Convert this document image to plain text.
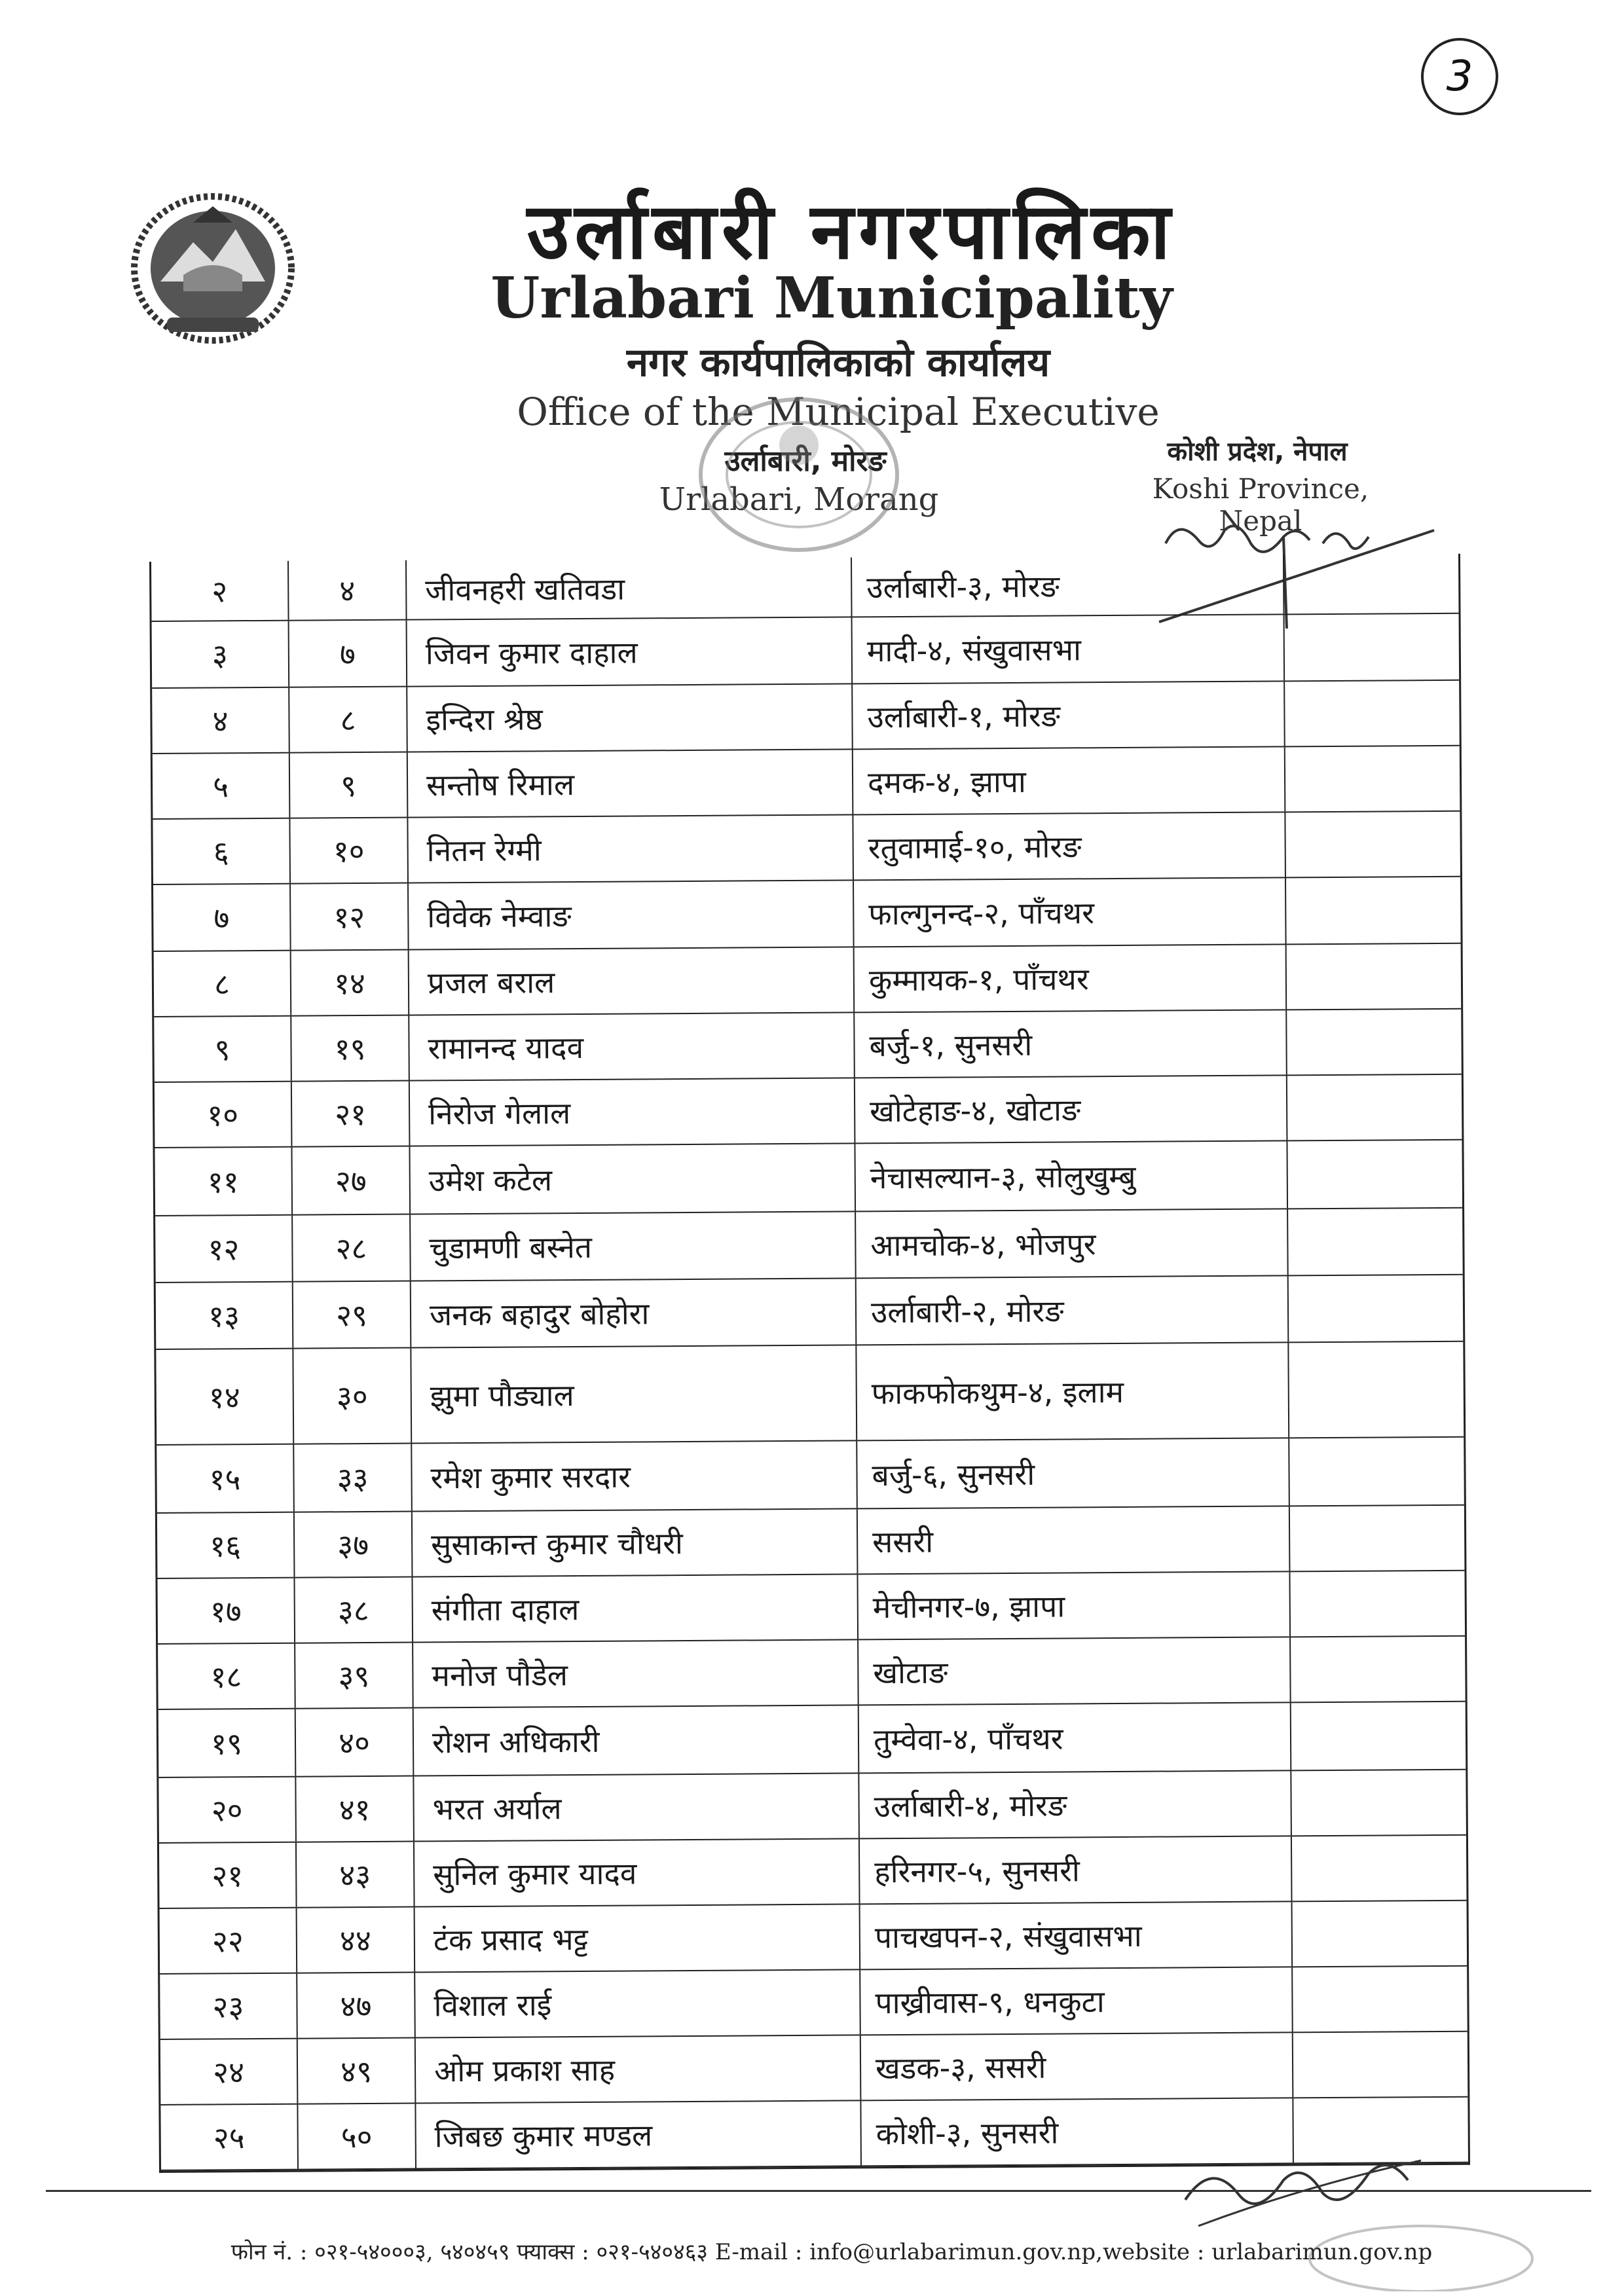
3
उर्लाबारी नगरपालिका
Urlabari Municipality
नगर कार्यपालिकाको कार्यालय
Office of the Municipal Executive
उर्लाबारी, मोरङ
Urlabari, Morang
कोशी प्रदेश, नेपाल
Koshi Province, Nepal
२	४	जीवनहरी खतिवडा	उर्लाबारी-३, मोरङ
३	७	जिवन कुमार दाहाल	मादी-४, संखुवासभा
४	८	इन्दिरा श्रेष्ठ	उर्लाबारी-१, मोरङ
५	९	सन्तोष रिमाल	दमक-४, झापा
६	१०	नितन रेग्मी	रतुवामाई-१०, मोरङ
७	१२	विवेक नेम्वाङ	फाल्गुनन्द-२, पाँचथर
८	१४	प्रजल बराल	कुम्मायक-१, पाँचथर
९	१९	रामानन्द यादव	बर्जु-१, सुनसरी
१०	२१	निरोज गेलाल	खोटेहाङ-४, खोटाङ
११	२७	उमेश कटेल	नेचासल्यान-३, सोलुखुम्बु
१२	२८	चुडामणी बस्नेत	आमचोक-४, भोजपुर
१३	२९	जनक बहादुर बोहोरा	उर्लाबारी-२, मोरङ
१४	३०	झुमा पौड्याल	फाकफोकथुम-४, इलाम
१५	३३	रमेश कुमार सरदार	बर्जु-६, सुनसरी
१६	३७	सुसाकान्त कुमार चौधरी	ससरी
१७	३८	संगीता दाहाल	मेचीनगर-७, झापा
१८	३९	मनोज पौडेल	खोटाङ
१९	४०	रोशन अधिकारी	तुम्वेवा-४, पाँचथर
२०	४१	भरत अर्याल	उर्लाबारी-४, मोरङ
२१	४३	सुनिल कुमार यादव	हरिनगर-५, सुनसरी
२२	४४	टंक प्रसाद भट्ट	पाचखपन-२, संखुवासभा
२३	४७	विशाल राई	पाख्रीवास-९, धनकुटा
२४	४९	ओम प्रकाश साह	खडक-३, ससरी
२५	५०	जिबछ कुमार मण्डल	कोशी-३, सुनसरी
फोन नं. : ०२१-५४०००३, ५४०४५९ फ्याक्स : ०२१-५४०४६३ E-mail : info@urlabarimun.gov.np,website : urlabarimun.gov.np
